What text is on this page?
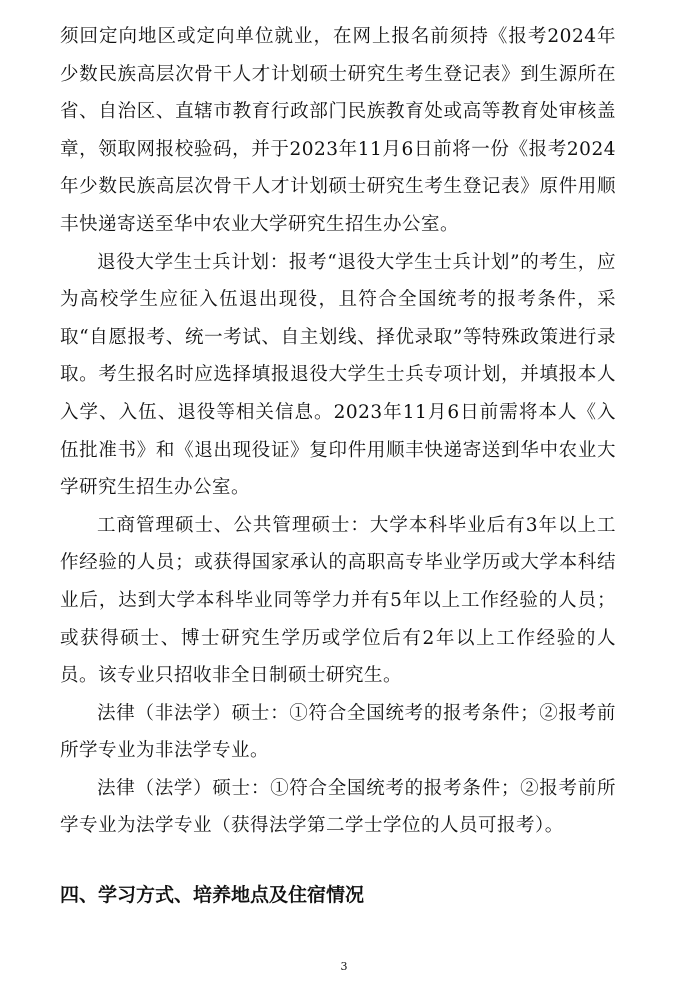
须回定向地区或定向单位就业，在网上报名前须持《报考2024年少数民族高层次骨干人才计划硕士研究生考生登记表》到生源所在省、自治区、直辖市教育行政部门民族教育处或高等教育处审核盖章，领取网报校验码，并于2023年11月6日前将一份《报考2024年少数民族高层次骨干人才计划硕士研究生考生登记表》原件用顺丰快递寄送至华中农业大学研究生招生办公室。

退役大学生士兵计划：报考“退役大学生士兵计划”的考生，应为高校学生应征入伍退出现役，且符合全国统考的报考条件，采取“自愿报考、统一考试、自主划线、择优录取”等特殊政策进行录取。考生报名时应选择填报退役大学生士兵专项计划，并填报本人入学、入伍、退役等相关信息。2023年11月6日前需将本人《入伍批准书》和《退出现役证》复印件用顺丰快递寄送到华中农业大学研究生招生办公室。

工商管理硕士、公共管理硕士：大学本科毕业后有3年以上工作经验的人员；或获得国家承认的高职高专毕业学历或大学本科结业后，达到大学本科毕业同等学力并有5年以上工作经验的人员；或获得硕士、博士研究生学历或学位后有2年以上工作经验的人员。该专业只招收非全日制硕士研究生。

法律（非法学）硕士：①符合全国统考的报考条件；②报考前所学专业为非法学专业。

法律（法学）硕士：①符合全国统考的报考条件；②报考前所学专业为法学专业（获得法学第二学士学位的人员可报考）。

四、学习方式、培养地点及住宿情况
3
